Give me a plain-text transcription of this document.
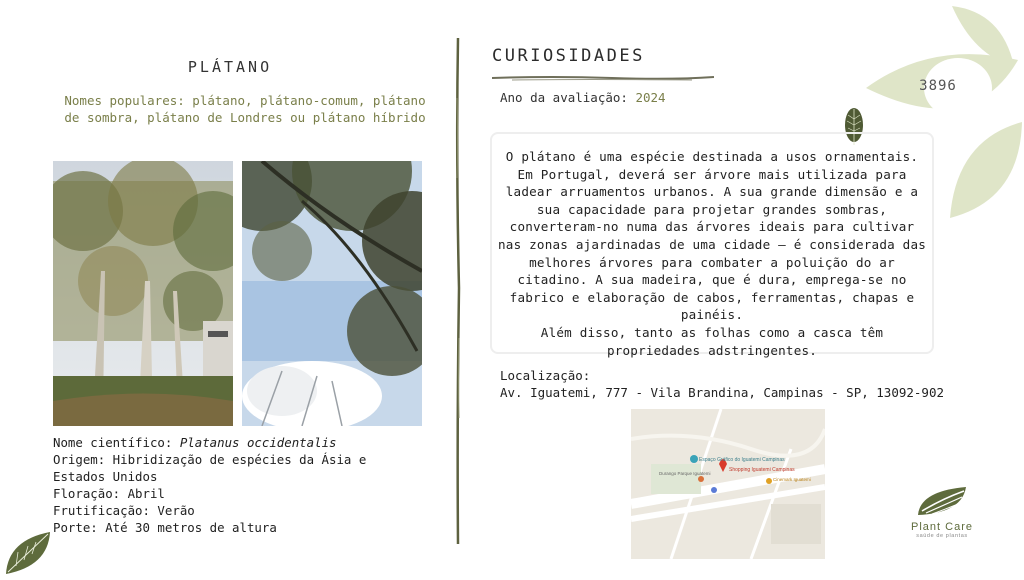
PLÁTANO
Nomes populares: plátano, plátano-comum, plátano de sombra, plátano de Londres ou plátano híbrido
Nome científico: Platanus occidentalis
Origem: Hibridização de espécies da Ásia e Estados Unidos
Floração: Abril
Frutificação: Verão
Porte: Até 30 metros de altura
CURIOSIDADES
Ano da avaliação: 2024

O plátano é uma espécie destinada a usos ornamentais. Em Portugal, deverá ser árvore mais utilizada para ladear arruamentos urbanos. A sua grande dimensão e a sua capacidade para projetar grandes sombras, converteram-no numa das árvores ideais para cultivar nas zonas ajardinadas de uma cidade – é considerada das melhores árvores para combater a poluição do ar citadino. A sua madeira, que é dura, emprega-se no fabrico e elaboração de cabos, ferramentas, chapas e painéis.
Além disso, tanto as folhas como a casca têm propriedades adstringentes.

Localização:
Av. Iguatemi, 777 - Vila Brandina, Campinas - SP, 13092-902
Espaço Gráfico do Iguatemi Campinas
Shopping Iguatemi Campinas
Durango Parque Iguatemi
Cinemark Iguatemi
3896
Plant Care
saúde de plantas
